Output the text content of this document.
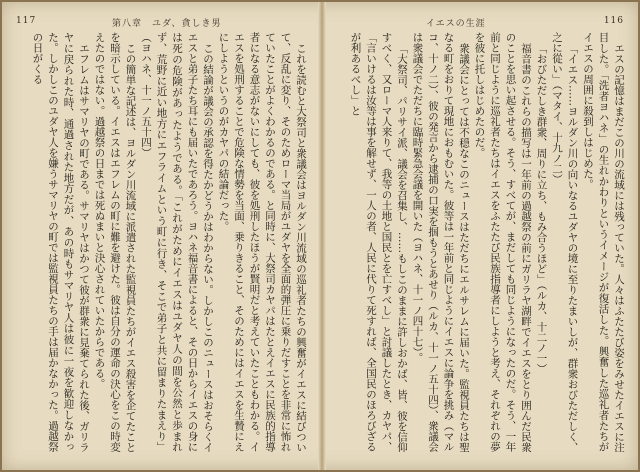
117	第八章　ユダ、貪しき男

これを読むと大祭司と衆議会はヨルダン川流域の巡礼者たちの興奮がイエスに結びついて、反乱に変り、そのためローマ当局がユダヤを全面的弾圧に乗りだすことを非常に怖れていたことがよくわかるのである。と同時に、大祭司カヤパはたとえイエスに民族的指導者になる意志がないにしても、彼を処刑したほうが賢明だと考えていたこともわかる。イエスを処刑することで危険な情勢を当面、乗りきること、そのためにはイエスを生贄にえにしようというのがカヤパの結論だった。

この結論が議会の承認を得たかどうかはわからない。しかしこのニュースはおそらくイエスと弟子たち耳にも届いたであろう。ヨハネ福音書によると、その日からイエスの身には死の危険があったようである。「これがためにイエスはユダヤ人の間を公然と歩まれず、荒野に近い地方にエフライムという町に行き、そこで弟子と共に留まりたまえり」（ヨハネ、十一ノ五十四）

この簡単な記述は、ヨルダン川流域に派遣された監視員たちがイエス殺害を企てたことを暗示している。イエスはエフレムの町に難を避けた。彼は自分の運命の決心をこの時変えたのではない。過越祭の日までは死ぬまいと決心されていたからである。

エフレムはサマリヤの町である。サマリヤはかつて彼が群衆に見棄てられた後、ガリラヤに戻られた時、通過された地方だが、あの時もサマリヤ人は彼に一夜を歓迎しなかった。しかしこのユダヤ人を嫌うサマリヤの町では監視員たちの手は届かなかった。過越祭の日がくる

イエスの生涯	116

エスの記憶はまだこの川の流域には残っていた。人々はふたたび姿をみせたイエスに注目した。「洗者ヨハネ」の生れかわりというイメージが復活した。興奮した巡礼者たちがイエスの周囲に殺到しはじめた。

「イエス……ヨルダン川の向いなるユダヤの境に至りたまいしが、群衆おびただしく、之に從い」（マタイ、十九ノ二）

「おびただしき群衆、周りに立ち、もみ合うほど」（ルカ、十二ノ一）

福音書のこれらの描写は一年前の過越祭の前にガリラヤ湖畔でイエスをとり囲んだ民衆のことを思い起させる。そう、すべてが、まだしても同じようになったのだ。そう、一年前と同じように巡礼者たちはイエスをふたたび民族指導者にしようと考え、それぞれの夢を彼に托しはじめたのだ。

衆議会にとっては不穏なこのニュースはただちにエルサレムに届いた。監視員たちは聖なる町をおりて現地におもむいた。彼等は一年前と同じようにイエスに論争を挑み（マルコ、十ノ二）、彼の発言から逮捕の口実を掴もうとあせり（ルカ、十一ノ五十四）、衆議会は衆議会でただちに臨時緊急会議を開いた（ヨハネ、十一ノ四十七）。

「大祭司、パリサイ派、議会を召集し、……もしこのままに許しおかば、皆、彼を信仰すべく、又ローマ人来りて、我等の土地と国民とを亡すべし」と討議したとき、カヤパ、「言いけるは汝等は事を解せず、一人の者、人民に代りて死すれば、全国民のほろびざるが利あるべし」と
